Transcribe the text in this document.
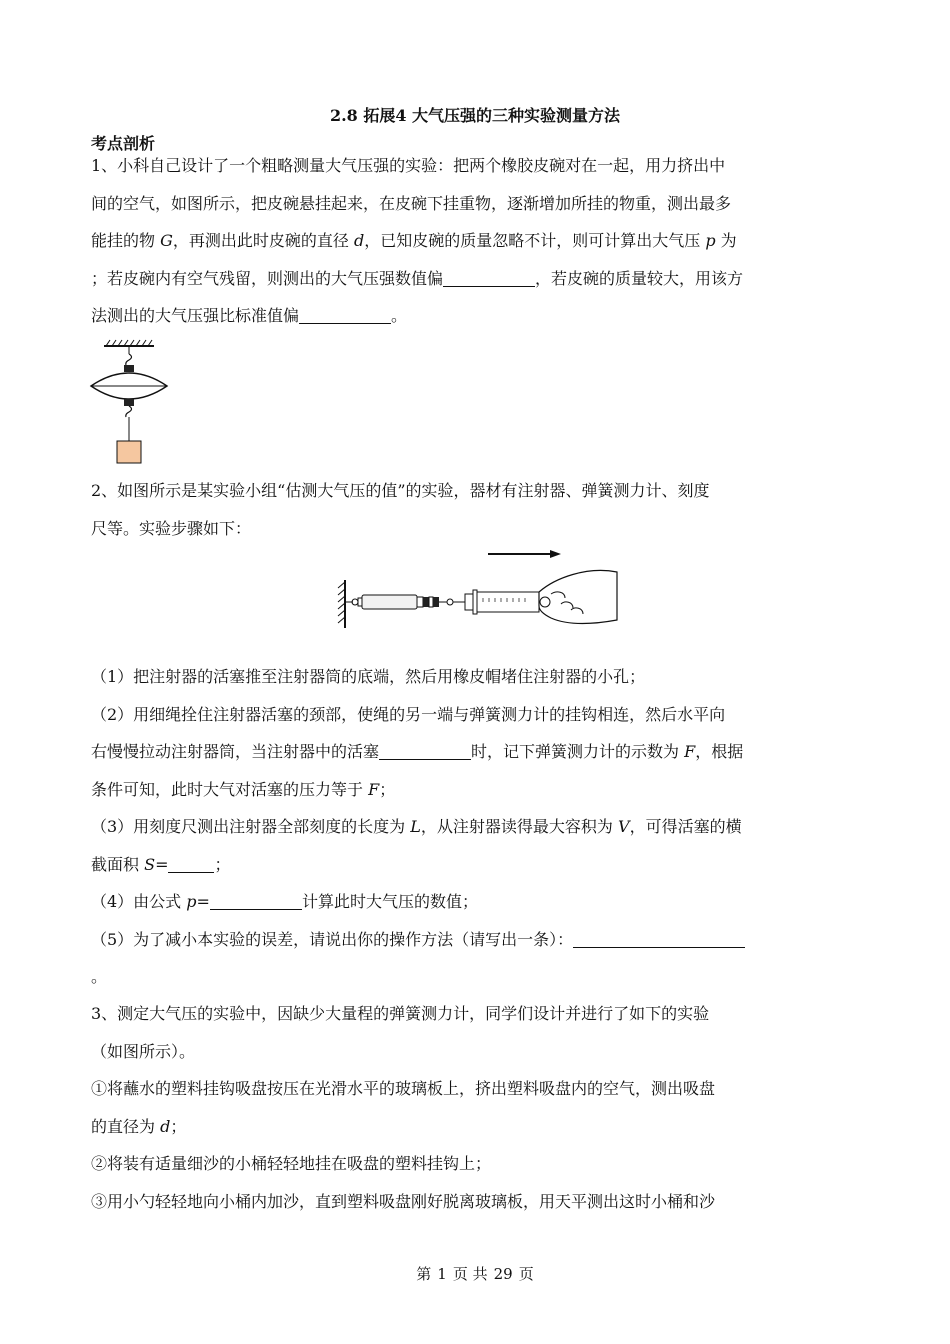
2.8 拓展4 大气压强的三种实验测量方法
考点剖析
1、小科自己设计了一个粗略测量大气压强的实验：把两个橡胶皮碗对在一起，用力挤出中
间的空气，如图所示，把皮碗悬挂起来，在皮碗下挂重物，逐渐增加所挂的物重，测出最多
能挂的物 G，再测出此时皮碗的直径 d，已知皮碗的质量忽略不计，则可计算出大气压 p 为
；若皮碗内有空气残留，则测出的大气压强数值偏	，若皮碗的质量较大，用该方
法测出的大气压强比标准值偏	。
2、如图所示是某实验小组“估测大气压的值”的实验，器材有注射器、弹簧测力计、刻度
尺等。实验步骤如下：
（1）把注射器的活塞推至注射器筒的底端，然后用橡皮帽堵住注射器的小孔；
（2）用细绳拴住注射器活塞的颈部，使绳的另一端与弹簧测力计的挂钩相连，然后水平向
右慢慢拉动注射器筒，当注射器中的活塞	时，记下弹簧测力计的示数为 F，根据
条件可知，此时大气对活塞的压力等于 F；
（3）用刻度尺测出注射器全部刻度的长度为 L，从注射器读得最大容积为 V，可得活塞的横
截面积 S=	；
（4）由公式 p=	计算此时大气压的数值；
（5）为了减小本实验的误差，请说出你的操作方法（请写出一条）：
。
3、测定大气压的实验中，因缺少大量程的弹簧测力计，同学们设计并进行了如下的实验
（如图所示）。
①将蘸水的塑料挂钩吸盘按压在光滑水平的玻璃板上，挤出塑料吸盘内的空气，测出吸盘
的直径为 d；
②将装有适量细沙的小桶轻轻地挂在吸盘的塑料挂钩上；
③用小勺轻轻地向小桶内加沙，直到塑料吸盘刚好脱离玻璃板，用天平测出这时小桶和沙
第 1 页 共 29 页
